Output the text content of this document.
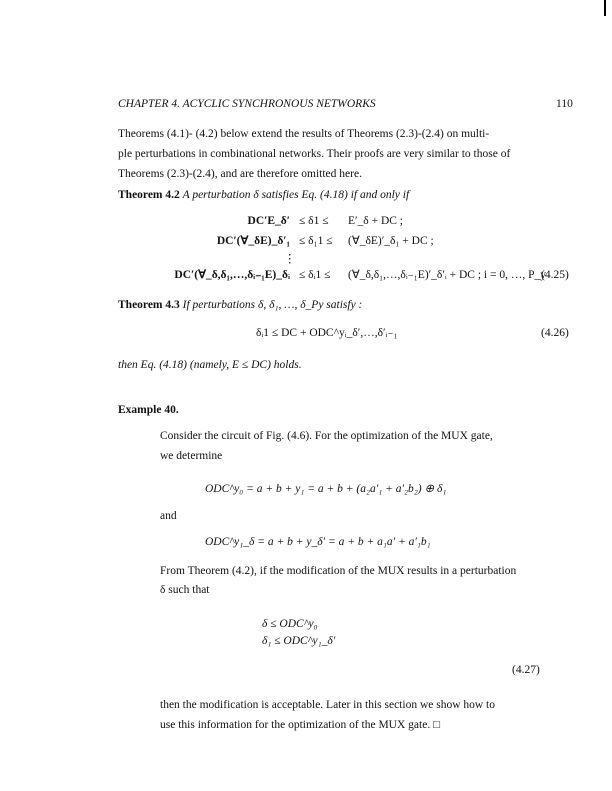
CHAPTER 4. ACYCLIC SYNCHRONOUS NETWORKS	110
Theorems (4.1)- (4.2) below extend the results of Theorems (2.3)-(2.4) on multi-
ple perturbations in combinational networks. Their proofs are very similar to those of
Theorems (2.3)-(2.4), and are therefore omitted here.
Theorem 4.2 A perturbation δ satisfies Eq. (4.18) if and only if
DC′E_δ′ ≤ δ1 ≤ E′_δ + DC ;
DC′(∀_δE)_δ′₁ ≤ δ₁1 ≤ (∀_δE)′_δ₁ + DC ;
⋮
DC′(∀_δ,δ₁,…,δᵢ₋₁E)_δᵢ ≤ δᵢ1 ≤ (∀_δ,δ₁,…,δᵢ₋₁E)′_δ′ᵢ + DC ; i = 0, …, P_y
(4.25)
Theorem 4.3 If perturbations δ, δ₁, …, δ_Py satisfy :
δᵢ1 ≤ DC + ODC^yᵢ_δ′,…,δ′ᵢ₋₁	(4.26)
then Eq. (4.18) (namely, E ≤ DC) holds.
Example 40.
Consider the circuit of Fig. (4.6). For the optimization of the MUX gate,
we determine
ODC^y₀ = a + b + y₁ = a + b + (a₂a′₁ + a′₂b₂) ⊕ δ₁
and
ODC^y₁_δ = a + b + y_δ′ = a + b + a₁a′ + a′₁b₁
From Theorem (4.2), if the modification of the MUX results in a perturbation
δ such that
δ ≤ ODC^y₀
δ₁ ≤ ODC^y₁_δ′
(4.27)
then the modification is acceptable. Later in this section we show how to
use this information for the optimization of the MUX gate. □
